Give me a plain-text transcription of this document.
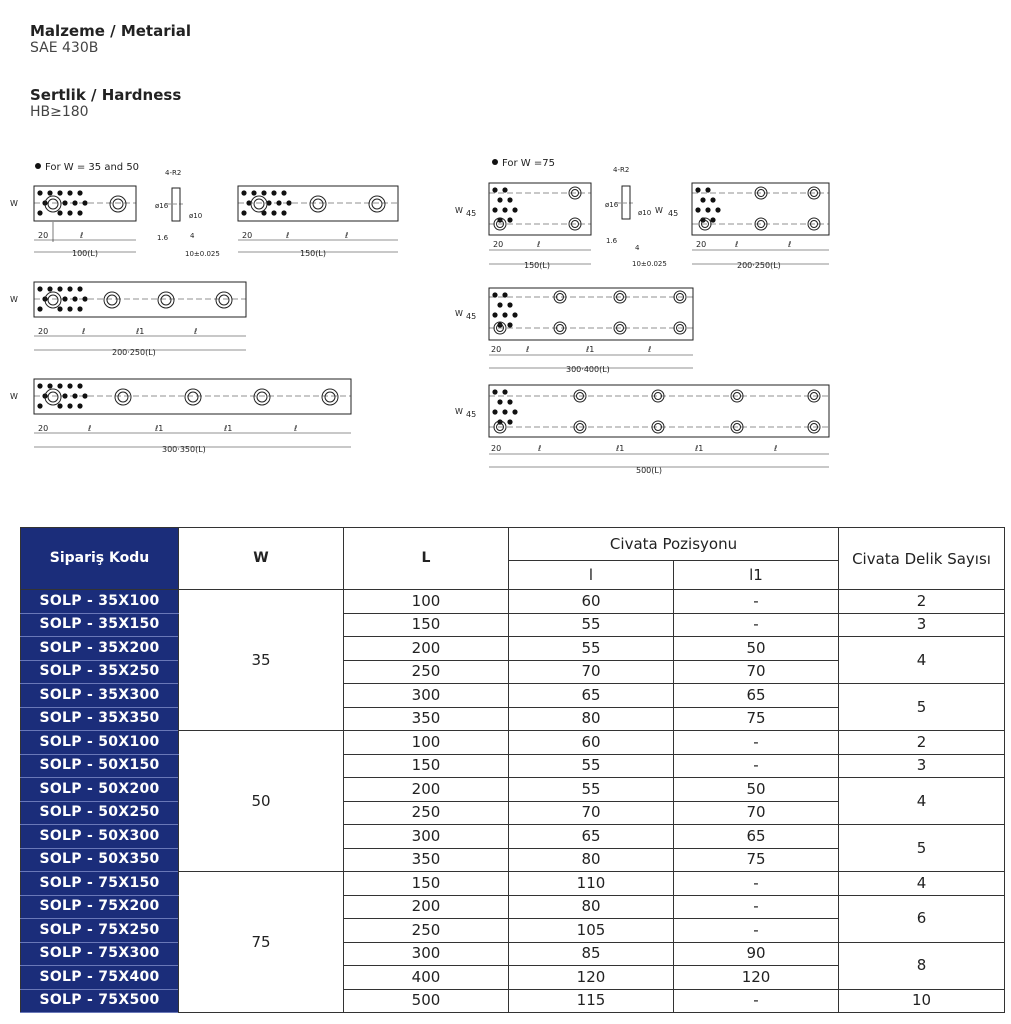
Malzeme / Metarial
SAE 430B
Sertlik / Hardness
HB≥180
For W = 35 and 50	For W =75
W
20	ℓ
100(L)
ø16
ø10
4-R2
4
1.6
10±0.025
20	ℓ	ℓ
150(L)
W
20	ℓ	ℓ1	ℓ
200·250(L)
W
20	ℓ	ℓ1	ℓ1	ℓ
300·350(L)
W 45
20	ℓ
150(L)
ø16
ø10
4-R2
4
1.6
10±0.025
W 45
20	ℓ	ℓ
200·250(L)
W 45
20	ℓ	ℓ1	ℓ
300·400(L)
W 45
20	ℓ	ℓ1	ℓ1	ℓ
500(L)
Sipariş Kodu	W	L	Civata Pozisyonu		Civata Delik Sayısı
			l	l1	
SOLP - 35X100	35	100	60	-	2
SOLP - 35X150		150	55	-	3
SOLP - 35X200		200	55	50	4
SOLP - 35X250		250	70	70	
SOLP - 35X300		300	65	65	5
SOLP - 35X350		350	80	75	
SOLP - 50X100	50	100	60	-	2
SOLP - 50X150		150	55	-	3
SOLP - 50X200		200	55	50	4
SOLP - 50X250		250	70	70	
SOLP - 50X300		300	65	65	5
SOLP - 50X350		350	80	75	
SOLP - 75X150	75	150	110	-	4
SOLP - 75X200		200	80	-	6
SOLP - 75X250		250	105	-	
SOLP - 75X300		300	85	90	8
SOLP - 75X400		400	120	120	
SOLP - 75X500		500	115	-	10
